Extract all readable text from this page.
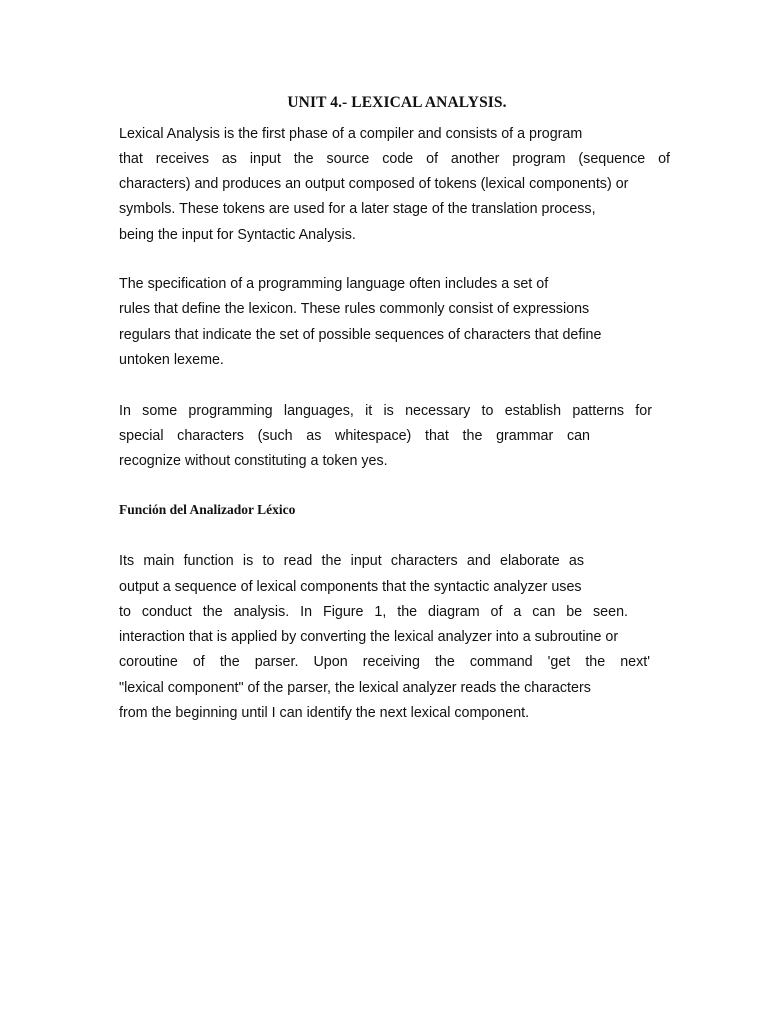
UNIT 4.- LEXICAL ANALYSIS.
Lexical Analysis is the first phase of a compiler and consists of a program
that receives as input the source code of another program (sequence of
characters) and produces an output composed of tokens (lexical components) or
symbols. These tokens are used for a later stage of the translation process,
being the input for Syntactic Analysis.
The specification of a programming language often includes a set of
rules that define the lexicon. These rules commonly consist of expressions
regulars that indicate the set of possible sequences of characters that define
untoken lexeme.
In some programming languages, it is necessary to establish patterns for
special characters (such as whitespace) that the grammar can
recognize without constituting a token yes.
Función del Analizador Léxico
Its main function is to read the input characters and elaborate as
output a sequence of lexical components that the syntactic analyzer uses
to conduct the analysis. In Figure 1, the diagram of a can be seen.
interaction that is applied by converting the lexical analyzer into a subroutine or
coroutine of the parser. Upon receiving the command 'get the next'
"lexical component" of the parser, the lexical analyzer reads the characters
from the beginning until I can identify the next lexical component.
